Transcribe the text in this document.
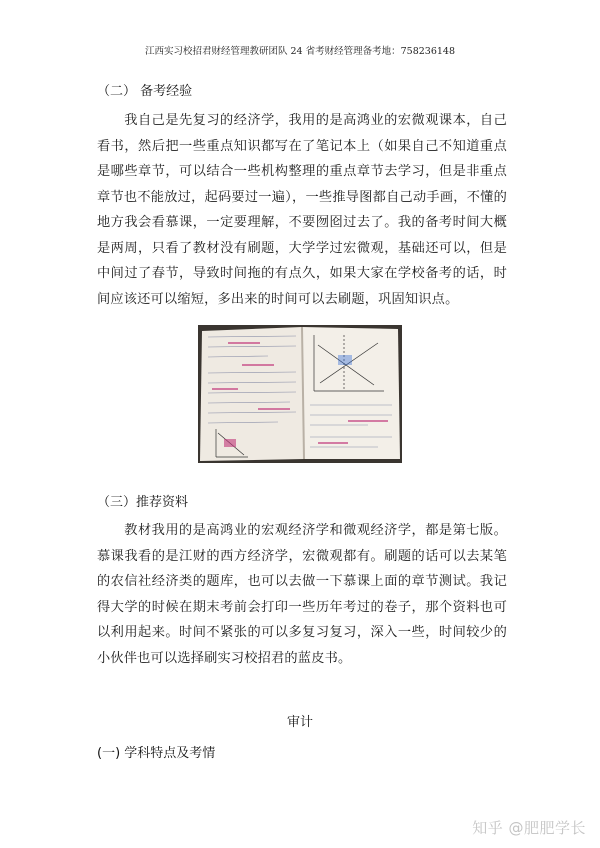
江西实习校招君财经管理教研团队 24 省考财经管理备考地：758236148
（二） 备考经验
我自己是先复习的经济学，我用的是高鸿业的宏微观课本，自己看书，然后把一些重点知识都写在了笔记本上（如果自己不知道重点是哪些章节，可以结合一些机构整理的重点章节去学习，但是非重点章节也不能放过，起码要过一遍），一些推导图都自己动手画，不懂的地方我会看慕课，一定要理解，不要囫囵过去了。我的备考时间大概是两周，只看了教材没有刷题，大学学过宏微观，基础还可以，但是中间过了春节，导致时间拖的有点久，如果大家在学校备考的话，时间应该还可以缩短，多出来的时间可以去刷题，巩固知识点。
（三）推荐资料
教材我用的是高鸿业的宏观经济学和微观经济学，都是第七版。慕课我看的是江财的西方经济学，宏微观都有。刷题的话可以去某笔的农信社经济类的题库，也可以去做一下慕课上面的章节测试。我记得大学的时候在期末考前会打印一些历年考过的卷子，那个资料也可以利用起来。时间不紧张的可以多复习复习，深入一些，时间较少的小伙伴也可以选择刷实习校招君的蓝皮书。
审计
(一) 学科特点及考情
知乎 @肥肥学长
